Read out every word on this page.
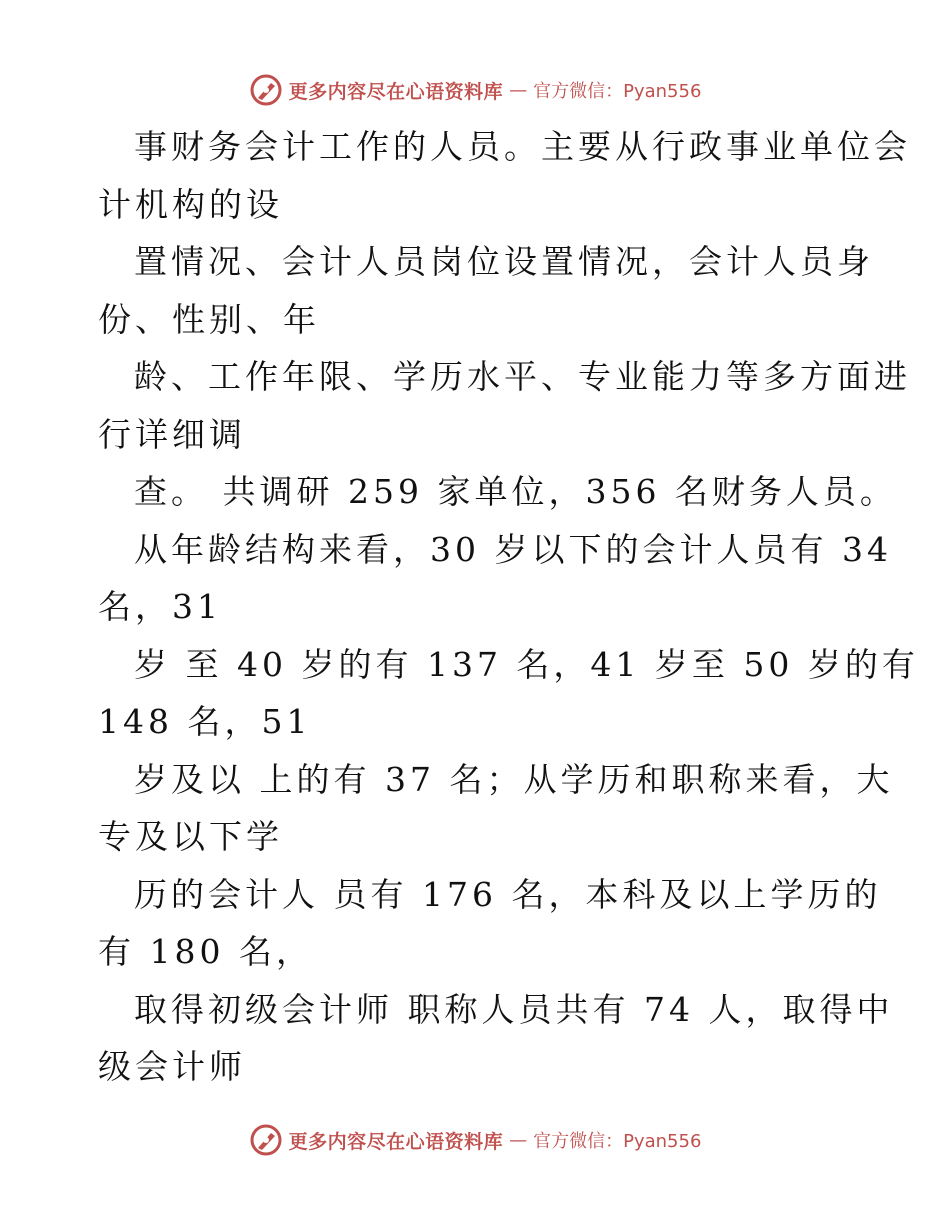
更多内容尽在心语资料库 — 官方微信：Pyan556
事财务会计工作的人员。主要从行政事业单位会
计机构的设
置情况、会计人员岗位设置情况，会计人员身
份、性别、年
龄、工作年限、学历水平、专业能力等多方面进
行详细调
查。 共调研 259 家单位，356 名财务人员。
从年龄结构来看，30 岁以下的会计人员有 34
名，31
岁 至 40 岁的有 137 名，41 岁至 50 岁的有
148 名，51
岁及以 上的有 37 名；从学历和职称来看，大
专及以下学
历的会计人 员有 176 名，本科及以上学历的
有 180 名，
取得初级会计师 职称人员共有 74 人，取得中
级会计师
更多内容尽在心语资料库 — 官方微信：Pyan556
